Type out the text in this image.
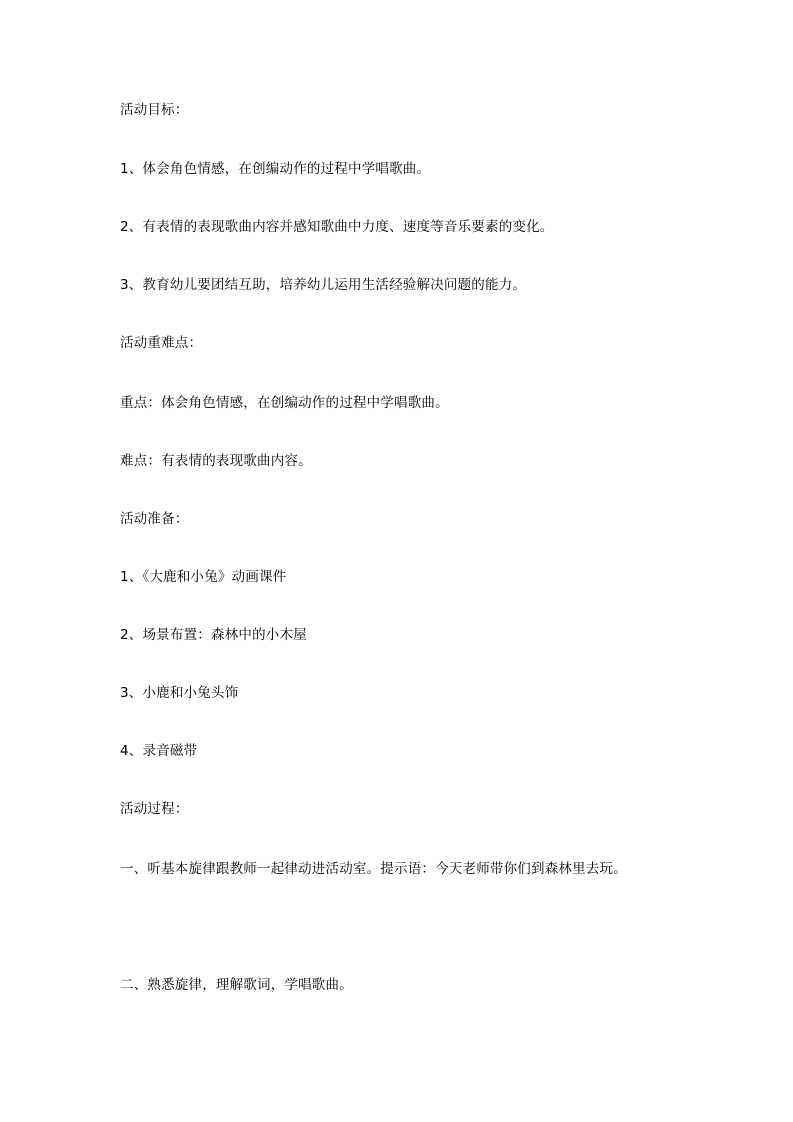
活动目标：
1、体会角色情感，在创编动作的过程中学唱歌曲。
2、有表情的表现歌曲内容并感知歌曲中力度、速度等音乐要素的变化。
3、教育幼儿要团结互助，培养幼儿运用生活经验解决问题的能力。
活动重难点：
重点：体会角色情感，在创编动作的过程中学唱歌曲。
难点：有表情的表现歌曲内容。
活动准备：
1、《大鹿和小兔》动画课件
2、场景布置：森林中的小木屋
3、小鹿和小兔头饰
4、录音磁带
活动过程：
一、听基本旋律跟教师一起律动进活动室。提示语：今天老师带你们到森林里去玩。
二、熟悉旋律，理解歌词，学唱歌曲。
